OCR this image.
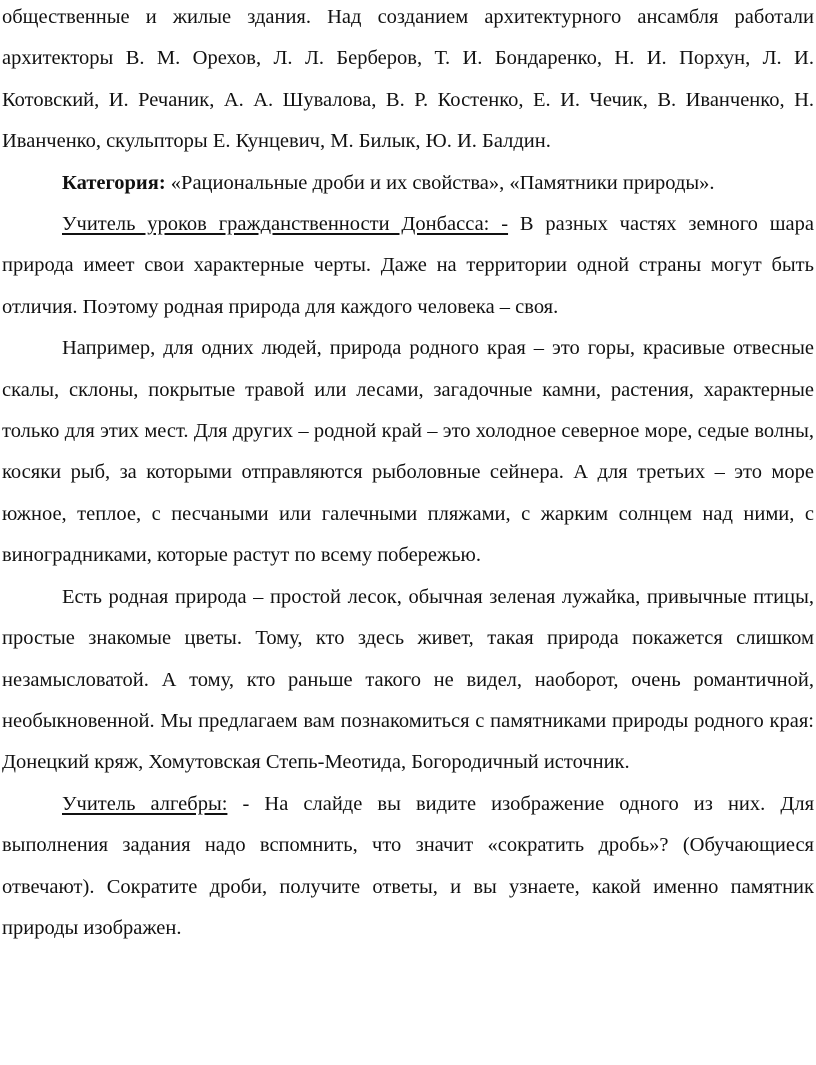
общественные и жилые здания. Над созданием архитектурного ансамбля работали архитекторы В. М. Орехов, Л. Л. Берберов, Т. И. Бондаренко, Н. И. Порхун, Л. И. Котовский, И. Речаник, А. А. Шувалова, В. Р. Костенко, Е. И. Чечик, В. Иванченко, Н. Иванченко, скульпторы Е. Кунцевич, М. Билык, Ю. И. Балдин.

Категория: «Рациональные дроби и их свойства», «Памятники природы».

Учитель уроков гражданственности Донбасса: - В разных частях земного шара природа имеет свои характерные черты. Даже на территории одной страны могут быть отличия. Поэтому родная природа для каждого человека – своя.

Например, для одних людей, природа родного края – это горы, красивые отвесные скалы, склоны, покрытые травой или лесами, загадочные камни, растения, характерные только для этих мест. Для других – родной край – это холодное северное море, седые волны, косяки рыб, за которыми отправляются рыболовные сейнера. А для третьих – это море южное, теплое, с песчаными или галечными пляжами, с жарким солнцем над ними, с виноградниками, которые растут по всему побережью.

Есть родная природа – простой лесок, обычная зеленая лужайка, привычные птицы, простые знакомые цветы. Тому, кто здесь живет, такая природа покажется слишком незамысловатой. А тому, кто раньше такого не видел, наоборот, очень романтичной, необыкновенной. Мы предлагаем вам познакомиться с памятниками природы родного края: Донецкий кряж, Хомутовская Степь-Меотида, Богородичный источник.

Учитель алгебры: - На слайде вы видите изображение одного из них. Для выполнения задания надо вспомнить, что значит «сократить дробь»? (Обучающиеся отвечают). Сократите дроби, получите ответы, и вы узнаете, какой именно памятник природы изображен.
